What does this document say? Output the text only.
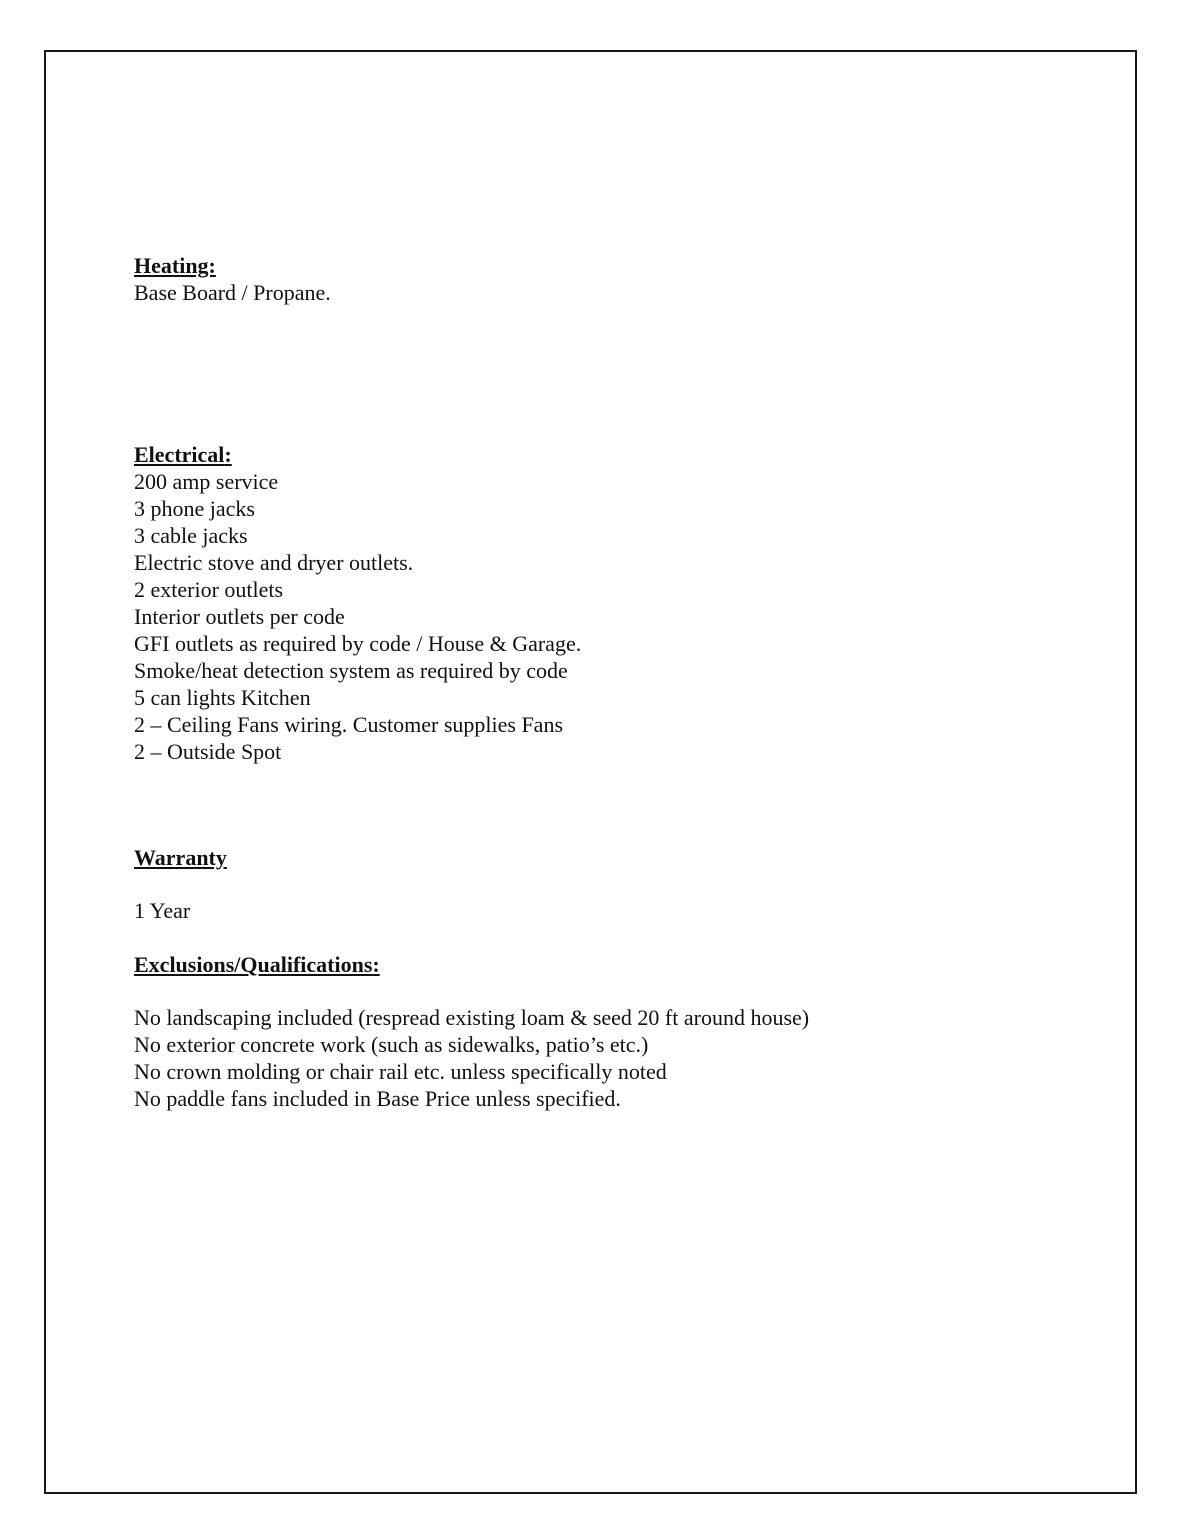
Heating:

Base Board / Propane.

Electrical:

200 amp service

3 phone jacks

3 cable jacks

Electric stove and dryer outlets.

2 exterior outlets

Interior outlets per code

GFI outlets as required by code / House & Garage.

Smoke/heat detection system as required by code

5 can lights Kitchen

2 – Ceiling Fans wiring. Customer supplies Fans

2 – Outside Spot

Warranty

1 Year

Exclusions/Qualifications:

No landscaping included (respread existing loam & seed 20 ft around house)

No exterior concrete work (such as sidewalks, patio’s etc.)

No crown molding or chair rail etc. unless specifically noted

No paddle fans included in Base Price unless specified.
